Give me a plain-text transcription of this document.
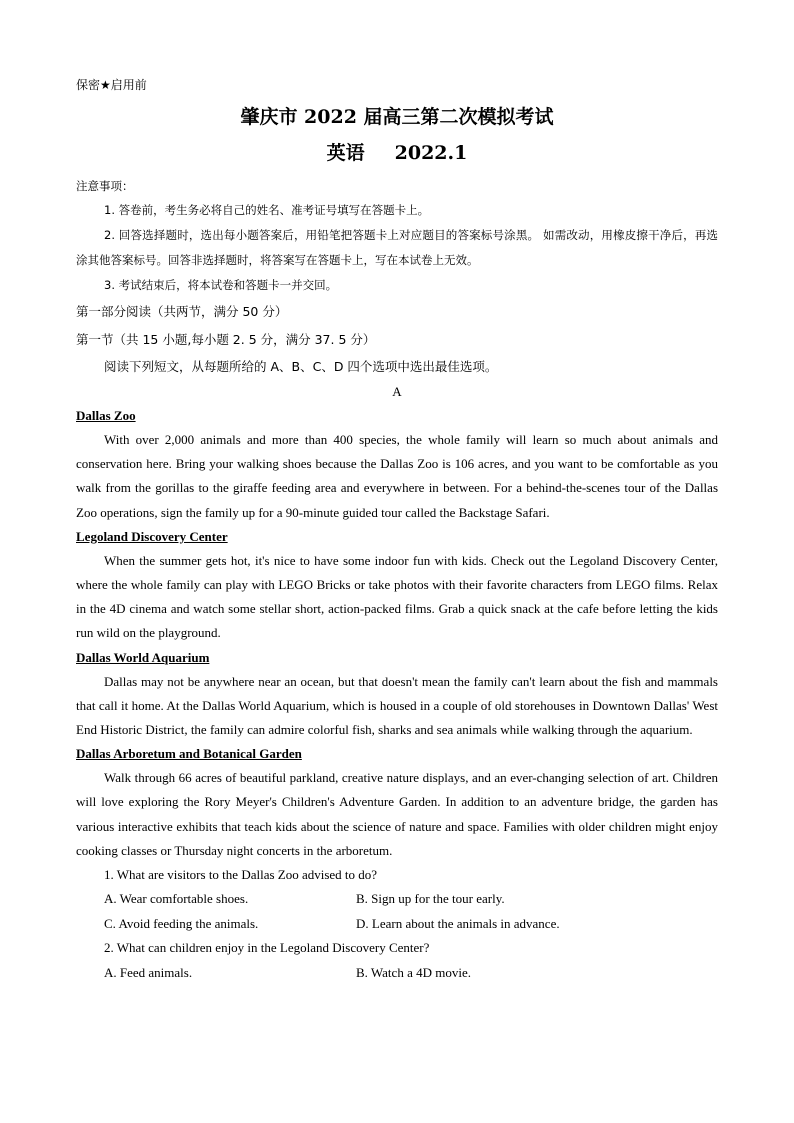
保密★启用前
肇庆市 2022 届高三第二次模拟考试
英语 2022.1
注意事项：
1. 答卷前，考生务必将自己的姓名、准考证号填写在答题卡上。
2. 回答选择题时，选出每小题答案后，用铅笔把答题卡上对应题目的答案标号涂黑。 如需改动，用橡皮擦干净后，再选涂其他答案标号。回答非选择题时，将答案写在答题卡上，写在本试卷上无效。
3. 考试结束后，将本试卷和答题卡一并交回。
第一部分阅读（共两节，满分 50 分）
第一节（共 15 小题,每小题 2. 5 分，满分 37. 5 分）
阅读下列短文，从每题所给的 A、B、C、D 四个选项中选出最佳选项。
A
Dallas Zoo

With over 2,000 animals and more than 400 species, the whole family will learn so much about animals and conservation here. Bring your walking shoes because the Dallas Zoo is 106 acres, and you want to be comfortable as you walk from the gorillas to the giraffe feeding area and everywhere in between. For a behind-the-scenes tour of the Dallas Zoo operations, sign the family up for a 90-minute guided tour called the Backstage Safari.

Legoland Discovery Center

When the summer gets hot, it's nice to have some indoor fun with kids. Check out the Legoland Discovery Center, where the whole family can play with LEGO Bricks or take photos with their favorite characters from LEGO films. Relax in the 4D cinema and watch some stellar short, action-packed films. Grab a quick snack at the cafe before letting the kids run wild on the playground.

Dallas World Aquarium

Dallas may not be anywhere near an ocean, but that doesn't mean the family can't learn about the fish and mammals that call it home. At the Dallas World Aquarium, which is housed in a couple of old storehouses in Downtown Dallas' West End Historic District, the family can admire colorful fish, sharks and sea animals while walking through the aquarium.

Dallas Arboretum and Botanical Garden

Walk through 66 acres of beautiful parkland, creative nature displays, and an ever-changing selection of art. Children will love exploring the Rory Meyer's Children's Adventure Garden. In addition to an adventure bridge, the garden has various interactive exhibits that teach kids about the science of nature and space. Families with older children might enjoy cooking classes or Thursday night concerts in the arboretum.

1. What are visitors to the Dallas Zoo advised to do?
A. Wear comfortable shoes.	B. Sign up for the tour early.
C. Avoid feeding the animals.	D. Learn about the animals in advance.
2. What can children enjoy in the Legoland Discovery Center?
A. Feed animals.	B. Watch a 4D movie.
